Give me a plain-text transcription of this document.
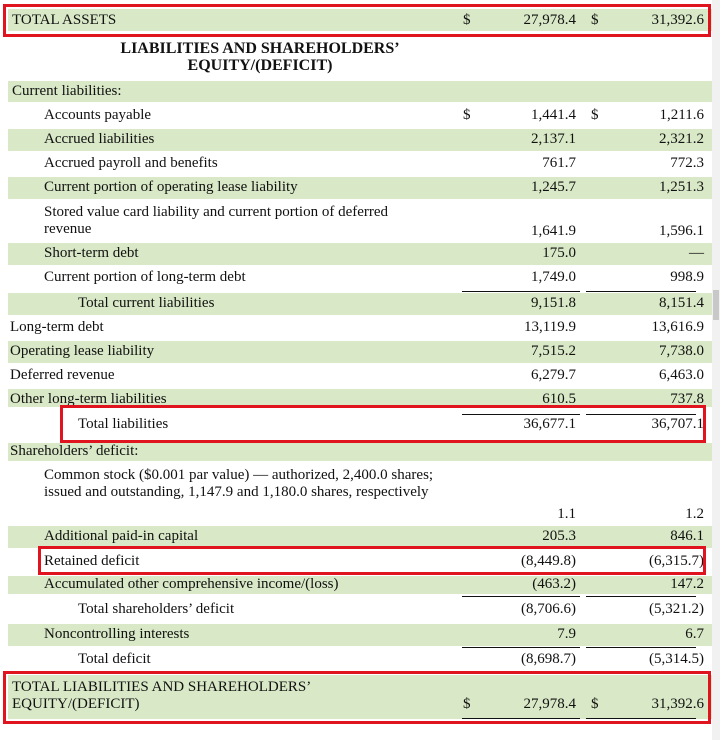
TOTAL ASSETS	$	27,978.4 $	31,392.6
LIABILITIES AND SHAREHOLDERS’
EQUITY/(DEFICIT)
Current liabilities:
Accounts payable	$	1,441.4 $	1,211.6
Accrued liabilities	2,137.1	2,321.2
Accrued payroll and benefits	761.7	772.3
Current portion of operating lease liability	1,245.7	1,251.3
Stored value card liability and current portion of deferred revenue	1,641.9	1,596.1
Short-term debt	175.0	—
Current portion of long-term debt	1,749.0	998.9
Total current liabilities	9,151.8	8,151.4
Long-term debt	13,119.9	13,616.9
Operating lease liability	7,515.2	7,738.0
Deferred revenue	6,279.7	6,463.0
Other long-term liabilities	610.5	737.8
Total liabilities	36,677.1	36,707.1
Shareholders’ deficit:
Common stock ($0.001 par value) — authorized, 2,400.0 shares; issued and outstanding, 1,147.9 and 1,180.0 shares, respectively
1.1	1.2
Additional paid-in capital	205.3	846.1
Retained deficit	(8,449.8)	(6,315.7)
Accumulated other comprehensive income/(loss)	(463.2)	147.2
Total shareholders’ deficit	(8,706.6)	(5,321.2)
Noncontrolling interests	7.9	6.7
Total deficit	(8,698.7)	(5,314.5)
TOTAL LIABILITIES AND SHAREHOLDERS’ EQUITY/(DEFICIT)	$	27,978.4 $	31,392.6
